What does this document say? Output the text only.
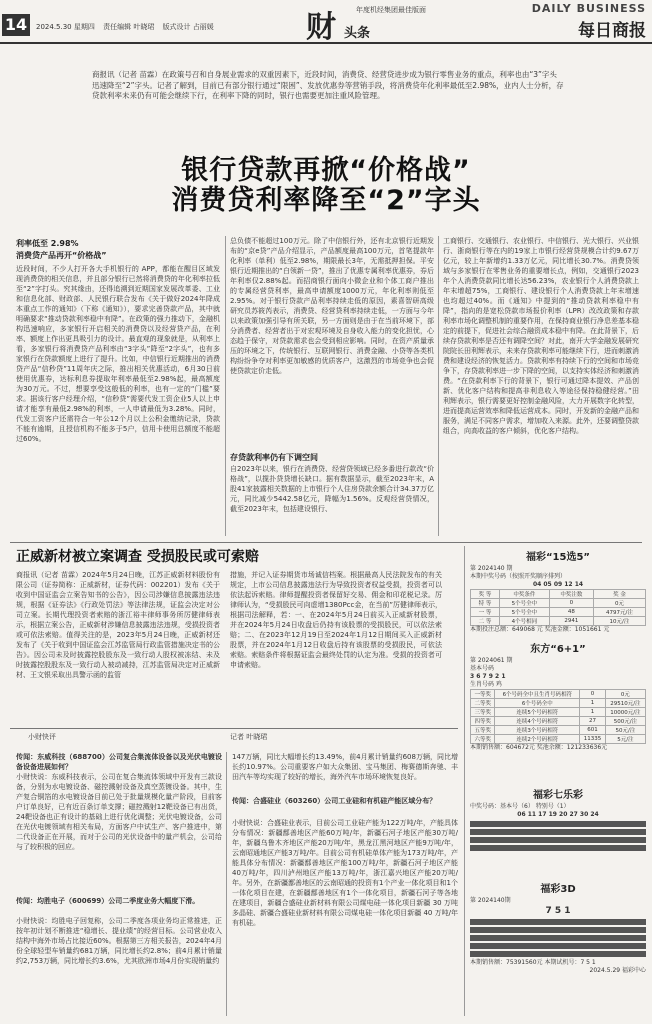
14	2024.5.30 星期四 责任编辑 叶晓珺 版式设计 占丽媛
年度机经集团最佳版面
财 头条
DAILY BUSINESS
每日商报
商报讯（记者 苗霖）在政策号召和自身展业需求的双重因素下，近段时间，消费贷、经营贷进步成为银行零售业务的重点，利率也由“3”字头迅速降至“2”字头。记者了解到，目前已有部分银行通过“限困”、发放优惠券等营销手段，将消费贷年化利率最低至2.98%，业内人士分析，存贷款利率未来仍有可能会继续下行，在利率下降的同时，银行也需要更加注重风险管理。
银行贷款再掀“价格战”
消费贷利率降至“2”字头
利率低至 2.98%
消费贷产品再开“价格战”
近段时间，不少人打开各大手机银行的 APP，都能在醒目区域发现消费贷的相关信息，并且部分银行已然将消费贷的年化利率拉低至“2”字打头。究其缘由，还得追溯到近期国家发展改革委、工业和信息化部、财政部、人民银行联合发布《关于做好2024年降成本重点工作的通知》（下称《通知》），要求完善贷款产品，其中就明确要求“推动贷款利率稳中有降”。在政策的强力推动下，金融机构迅速响应，多家银行开启相关的消费贷以及经营贷产品，在利率、额度上作出更具吸引力的设计。最直观的现象就是，从利率上看，多家银行将消费贷产品利率由“3字头”降至“2字头”，也有多家银行在贷款额度上进行了提升。比如，中信银行近期推出的消费贷产品“信秒贷”11周年庆之际，推出相关优惠活动，6月30日前使用优惠券，达标利息券提取年利率最低至2.98%起，最高额度为30万元。不过，想要享受这般低的利率，也有一定的“门槛”要求。据该行客户经理介绍，“信秒贷”需要代发工资企业5人以上申请才能享有最低2.98%的利率，一人申请最低为3.28%。同时，代发工资客户还需符合一年公12个月以上公积金缴纳记录，贷款不能有逾期，且授信机构不能多于5户，信用卡使用总额度不能超过60%。
总负债不能超过100万元。除了中信银行外，还有北京银行近期发布的“京e贷”产品介绍显示，产品额度最高100万元，首笔提款年化利率（单利）低至2.98%，期限最长3年，无需抵押担保。平安银行近期推出的“白领新一贷”，推出了优惠专属利率优惠券，券后年利率仅2.88%起。而招商银行面向小微企业和个体工商户推出的专属经营贷利率，最高申请额度1000万元，年化利率则低至2.95%。对于银行贷款产品利率持续走低的原因，素喜智研高级研究员苏筱芮表示，消费贷、经营贷利率持续走低，一方面与今年以来政策加强引导有所关联，另一方面则是由于在当前环境下，部分消费者、经营者出于对宏观环境及自身收入能力的变化担忧，心态趋于保守，对贷款需求也会受到相应影响。同时，在资产质量承压的环境之下，传统银行、互联网银行、消费金融、小贷等各类机构纷纷争夺对利率更加敏感的优质客户，这激烈的市场竞争也会促使贷款定价走低。
存贷款利率仍有下调空间
自2023年以来，银行在消费贷、经营贷领域已经多番进行款改“价格战”，以揽扑贷贷增长缺口。据有数据显示，截至2023年末，A股41家披露相关数据的上市银行个人住房贷款余额合计34.37万亿元，同比减少5442.58亿元，降幅为1.56%。反观经营贷情况，截至2023年末，包括建设银行、
工商银行、交通银行、农业银行、中信银行、光大银行、兴业银行、浙商银行等在内的19家上市银行经营贷规模合计约9.67万亿元，较上年新增约1.33万亿元，同比增长30.7%。消费贷领域与多家银行在零售业务的重要增长点，例如，交通银行2023年个人消费贷款同比增长达56.23%，农业银行个人消费贷款上年末增超75%，工商银行、建设银行个人消费贷款上年末增速也均超过40%。而《通知》中提到的“推动贷款利率稳中有降”，指向的是宽松贷款市场报价利率（LPR）改改政策和存款利率市场化调整机制的重要作用，在保持商业银行净息差基本稳定的前提下，促进社会综合融资成本稳中有降。在此背景下，后续存贷款利率是否还有调降空间？对此，南开大学金融发展研究院院长田利辉表示，未来存贷款利率可能继续下行，进而刺激消费和建设经济的恢复活力。贷款利率有持续下行的空间和市场竞争下，存贷款利率进一步下降的空间，以支持实体经济和刺激消费。“在贷款利率下行的背景下，银行可通过降本提效、产品创新、优化客户结构和提高非利息收入等途径保持稳健经营。”田利辉表示，银行需要更好控制金融风险，大力开展数字化转型，进而提高运营效率和降低运营成本。同时，开发新的金融产品和服务，满足不同客户需求，增加收入来源。此外，还要调整贷款组合，向高收益的客户倾斜，优化客户结构。
正威新材被立案调查 受损股民或可索赔
商报讯（记者 苗霖）2024年5月24日晚，江苏正威新材料股份有限公司（证券简称：正威新材，证券代码：002201）发布《关于收到中国证监会立案告知书的公告》，因公司涉嫌信息披露违法违规，根据《证券法》《行政处罚法》等法律法规，证监会决定对公司立案。长期代理投资者索赔的浙江裕丰律师事务所厉健律师表示，根据立案公告，正威新材涉嫌信息披露违法违规，受损投资者或可依法索赔。值得关注的是，2023年5月24日晚，正威新材还发布了《关于收到中国证监会江苏监管局行政监管措施决定书的公告》。因公司未及时披露控股股东及一致行动人股权被冻结、未及时披露控股股东及一致行动人被动减持，江苏监管局决定对正威新材、王文银采取出具警示函的监管
措施，并记入证券期货市场诚信档案。根据最高人民法院发布的有关规定，上市公司信息披露违法行为导致投资者权益受损，投资者可以依法起诉索赔。律师提醒投资者保留好交易、佣金和印花税记录。厉律师认为，“受损股民可向虚增1380Pcc金，在当前”厉健律师表示，根据司法解释，若：一、在2024年5月24日前买入正威新材股票，并在2024年5月24日收盘后仍持有该股票的受损股民，可以依法索赔；二、在2023年12月19日至2024年1月12日期间买入正威新材股票，并在2024年1月12日收盘后持有该股票的受损股民，可依法索赔。索赔条件将根据证监会最终处罚的认定为准。受损的投资者可申请索赔。
小财快评	记者 叶晓珺
传闻：东威科技（688700）公司复合集流体设备以及光伏电镀设备设备进展如何？
小财快说：东威科技表示，公司在复合集流体领域中开发有三款设备，分别为水电镀设备、磁控溅射设备及真空蒸镀设备。其中，生产复合铜箔的水电镀设备目前已处于批量规模化量产阶段，目前客户订单良好，已有近百条订单支撑；磁控溅射12靶设备已有出货，24靶设备也正有设计的基础上进行优化调整；光伏电镀设备，公司在光伏电镀领域有相关布局，方面客户中试生产、客户推进中，第二代设备正在开展，而对于公司的光伏设备中的量产机会，公司给与了较积极的回应。
传闻：均胜电子（600699）公司二季度业务大幅度下滑。
小财快说：均胜电子回复称，公司二季度各项业务均正常推进，正按年初计划不断推进“稳增长、提业绩”的经营目标。公司营业收入结构中海外市场占比接近60%。根据第三方相关报告，2024年4月份全球轻型车销量约681万辆，同比增长约2.8%；前4月累计销量约2,753万辆，同比增长约3.6%，尤其欧洲市场4月份实现销量约
147万辆，同比大幅增长约13.49%，前4月累计销量约608万辆，同比增长约10.97%。公司重要客户如大众集团、宝马集团、梅赛德斯奔驰、丰田汽车等均实现了较好的增长，海外汽车市场环境恢复良好。
传闻：合盛硅业（603260）公司工业硅和有机硅产能区域分布？
小财快说：合盛硅业表示，目前公司工业硅产能为122万吨/年，产能具体分布情况：新疆鄯善地区产能60万吨/年，新疆石河子地区产能30万吨/年，新疆乌鲁木齐地区产能20万吨/年，黑龙江黑河地区产能9万吨/年，云南昭通地区产能3万吨/年。目前公司有机硅单体产能为173万吨/年，产能具体分布情况：新疆鄯善地区产能100万吨/年，新疆石河子地区产能40万吨/年，四川泸州地区产能13万吨/年，浙江嘉兴地区产能20万吨/年。另外，在新疆鄯善地区的云南昭通的投资有1个产业一体化项目和1个一体化项目在建，在新疆鄯善地区有1个一体化项目，新疆石河子等各地在建项目，新疆合盛硅业新材料有限公司煤电硅一体化项目新疆 30 万吨多晶硅、新疆合盛硅业新材料有限公司煤电硅一体化项目新疆 40 万吨/年有机硅。
福彩“15选5”
第 2024140 期
本期中奖号码（按照开奖顺序排列）
04 05 09 12 14
奖 等	中奖条件	中奖注数	奖 金
特 等	5个号全中	0	0元
一 等	5个号全中	48	4797元/注
二 等	4个号相同	2941	10元/注
本期投注总额：649068 元 奖池金额：1051661 元
东方“6+1”
第 2024061 期
基本号码
3 6 7 9 2 1
生肖号码 鸡
一等奖	6个号码全中且生肖号码相符	0	0元
二等奖	6个号码全中	1	29510元/注
三等奖	连续5个号码相符	1	10000元/注
四等奖	连续4个号码相符	27	500元/注
五等奖	连续3个号码相符	601	50元/注
六等奖	连续2个号码相符	11335	5元/注
本期销售额：604672元 奖池余额：121233636元
福彩七乐彩
中奖号码：基本号（6） 特别号（1）
06 11 17 19 20 27 30 24
福彩3D
第 2024140期
7 5 1
本期销售额：75391560元 本期试机号：7 5 1
2024.5.29 福彩中心
